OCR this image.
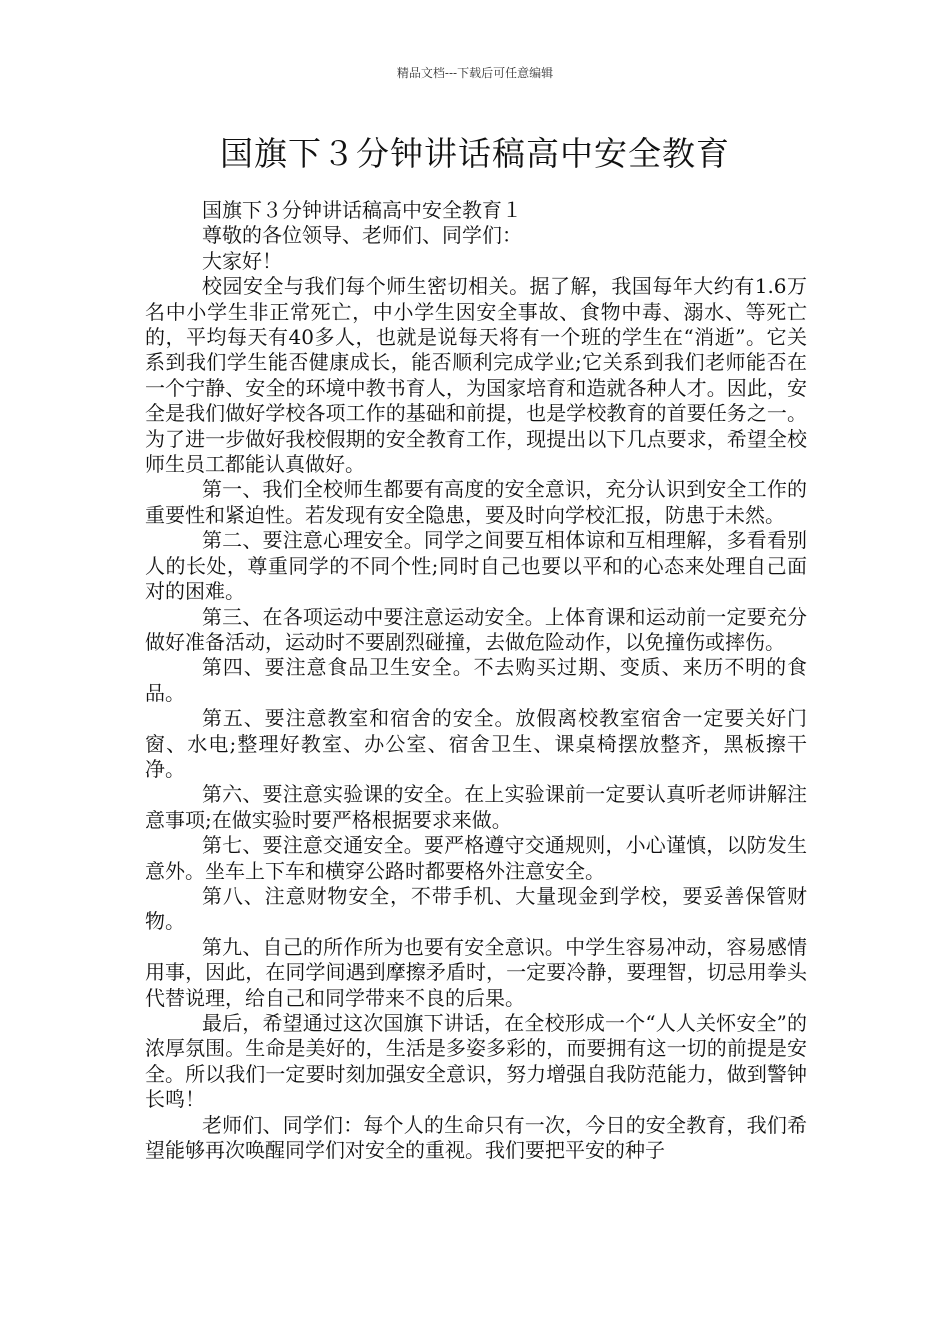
精品文档---下载后可任意编辑
国旗下３分钟讲话稿高中安全教育

国旗下３分钟讲话稿高中安全教育１

尊敬的各位领导、老师们、同学们：

大家好！

校园安全与我们每个师生密切相关。据了解，我国每年大约有1.6万名中小学生非正常死亡，中小学生因安全事故、食物中毒、溺水、等死亡的，平均每天有40多人，也就是说每天将有一个班的学生在“消逝”。它关系到我们学生能否健康成长，能否顺利完成学业;它关系到我们老师能否在一个宁静、安全的环境中教书育人，为国家培育和造就各种人才。因此，安全是我们做好学校各项工作的基础和前提，也是学校教育的首要任务之一。为了进一步做好我校假期的安全教育工作，现提出以下几点要求，希望全校师生员工都能认真做好。

第一、我们全校师生都要有高度的安全意识，充分认识到安全工作的重要性和紧迫性。若发现有安全隐患，要及时向学校汇报，防患于未然。

第二、要注意心理安全。同学之间要互相体谅和互相理解，多看看别人的长处，尊重同学的不同个性;同时自己也要以平和的心态来处理自己面对的困难。

第三、在各项运动中要注意运动安全。上体育课和运动前一定要充分做好准备活动，运动时不要剧烈碰撞，去做危险动作，以免撞伤或摔伤。

第四、要注意食品卫生安全。不去购买过期、变质、来历不明的食品。

第五、要注意教室和宿舍的安全。放假离校教室宿舍一定要关好门窗、水电;整理好教室、办公室、宿舍卫生、课桌椅摆放整齐，黑板擦干净。

第六、要注意实验课的安全。在上实验课前一定要认真听老师讲解注意事项;在做实验时要严格根据要求来做。

第七、要注意交通安全。要严格遵守交通规则，小心谨慎，以防发生意外。坐车上下车和横穿公路时都要格外注意安全。

第八、注意财物安全，不带手机、大量现金到学校，要妥善保管财物。

第九、自己的所作所为也要有安全意识。中学生容易冲动，容易感情用事，因此，在同学间遇到摩擦矛盾时，一定要冷静，要理智，切忌用拳头代替说理，给自己和同学带来不良的后果。

最后，希望通过这次国旗下讲话，在全校形成一个“人人关怀安全”的浓厚氛围。生命是美好的，生活是多姿多彩的，而要拥有这一切的前提是安全。所以我们一定要时刻加强安全意识，努力增强自我防范能力，做到警钟长鸣！

老师们、同学们：每个人的生命只有一次，今日的安全教育，我们希望能够再次唤醒同学们对安全的重视。我们要把平安的种子
